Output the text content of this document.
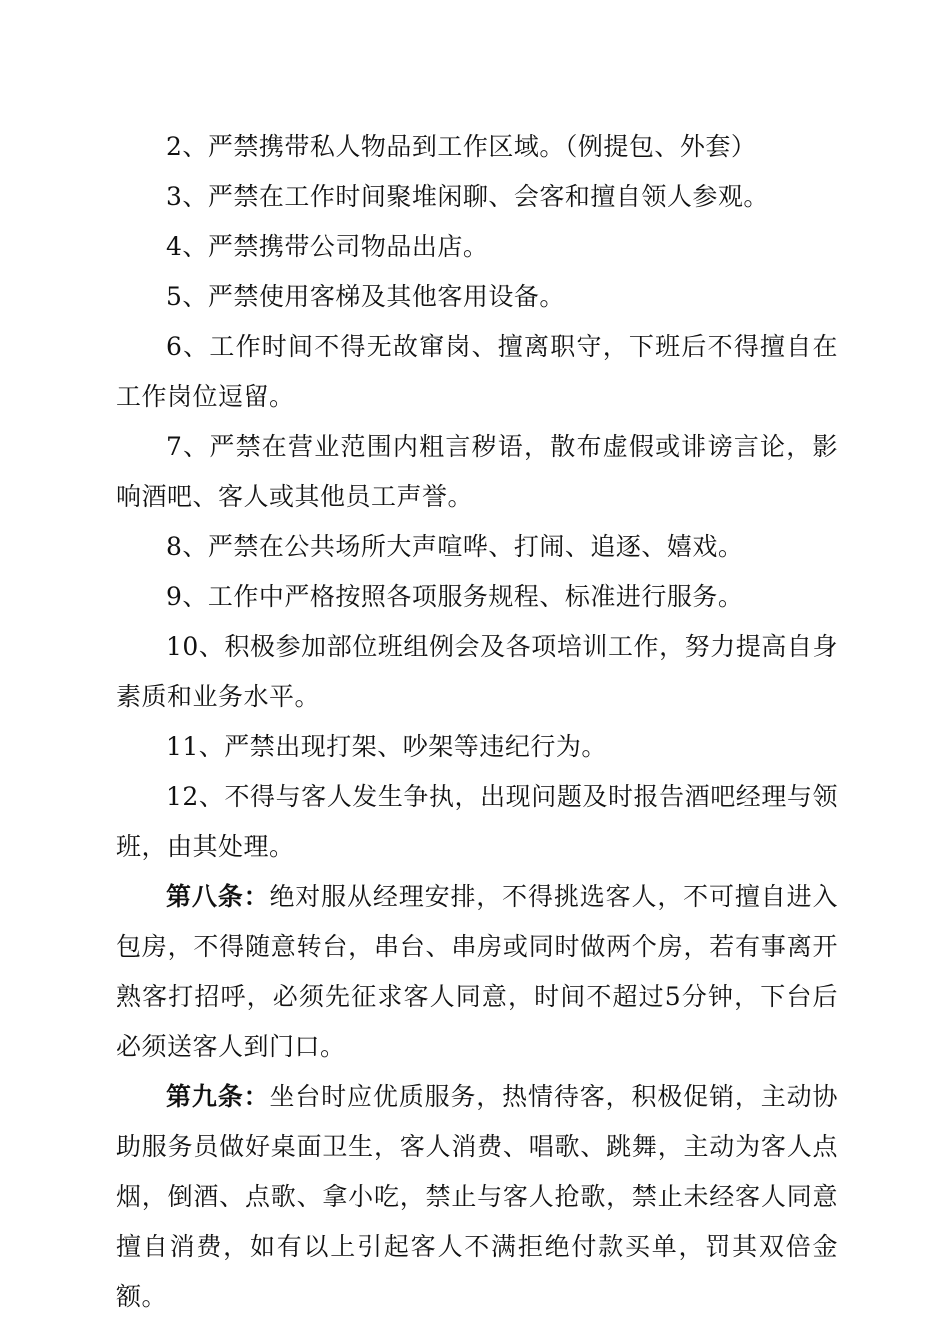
2、严禁携带私人物品到工作区域。（例提包、外套）

3、严禁在工作时间聚堆闲聊、会客和擅自领人参观。

4、严禁携带公司物品出店。

5、严禁使用客梯及其他客用设备。

6、工作时间不得无故窜岗、擅离职守，下班后不得擅自在工作岗位逗留。

7、严禁在营业范围内粗言秽语，散布虚假或诽谤言论，影响酒吧、客人或其他员工声誉。

8、严禁在公共场所大声喧哗、打闹、追逐、嬉戏。

9、工作中严格按照各项服务规程、标准进行服务。

10、积极参加部位班组例会及各项培训工作，努力提高自身素质和业务水平。

11、严禁出现打架、吵架等违纪行为。

12、不得与客人发生争执，出现问题及时报告酒吧经理与领班，由其处理。

第八条：绝对服从经理安排，不得挑选客人，不可擅自进入包房，不得随意转台，串台、串房或同时做两个房，若有事离开熟客打招呼，必须先征求客人同意，时间不超过5分钟，下台后必须送客人到门口。

第九条：坐台时应优质服务，热情待客，积极促销，主动协助服务员做好桌面卫生，客人消费、唱歌、跳舞，主动为客人点烟，倒酒、点歌、拿小吃，禁止与客人抢歌，禁止未经客人同意擅自消费，如有以上引起客人不满拒绝付款买单，罚其双倍金额。
